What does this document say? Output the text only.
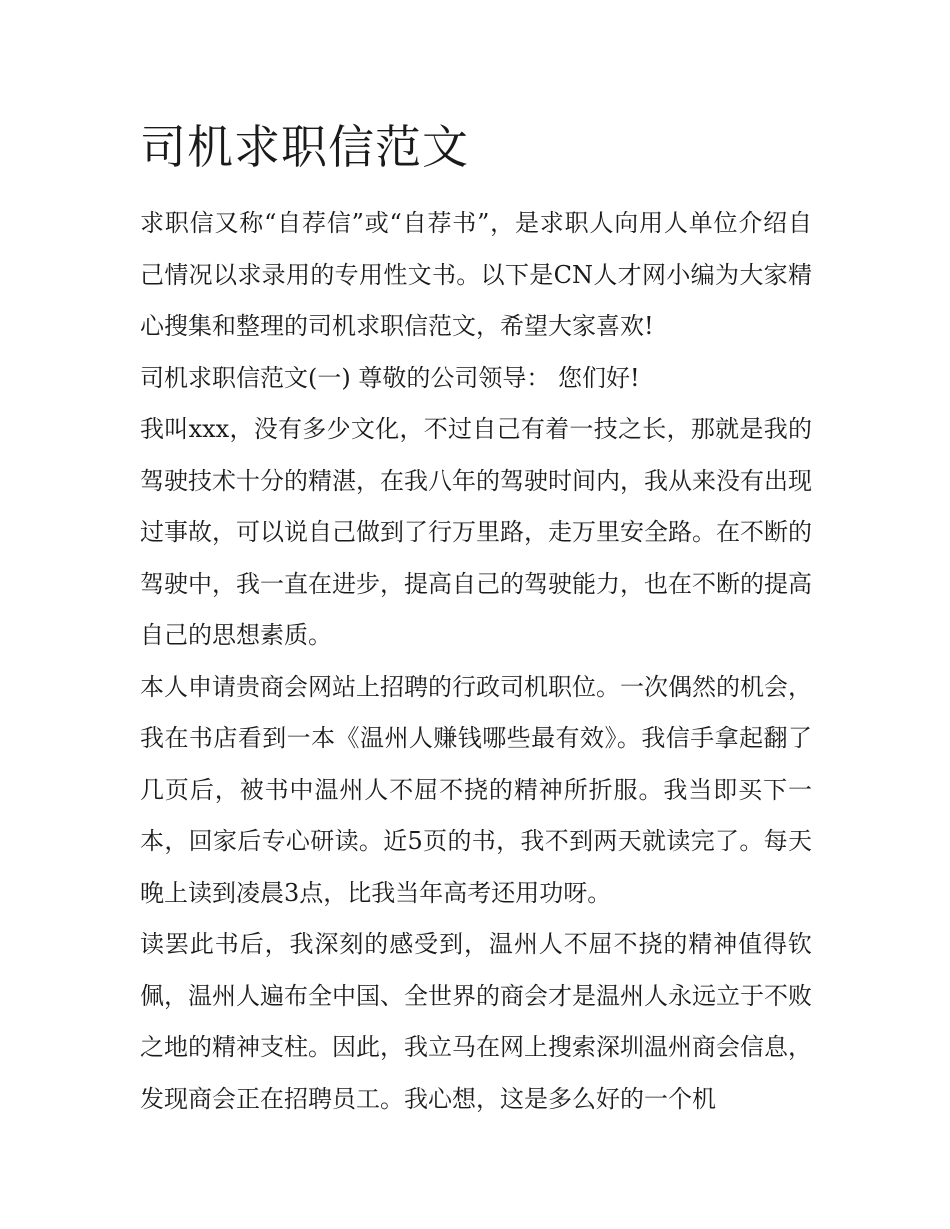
司机求职信范文

求职信又称“自荐信”或“自荐书”，是求职人向用人单位介绍自己情况以求录用的专用性文书。以下是CN人才网小编为大家精心搜集和整理的司机求职信范文，希望大家喜欢!

司机求职信范文(一) 尊敬的公司领导： 您们好!

我叫xxx，没有多少文化，不过自己有着一技之长，那就是我的驾驶技术十分的精湛，在我八年的驾驶时间内，我从来没有出现过事故，可以说自己做到了行万里路，走万里安全路。在不断的驾驶中，我一直在进步，提高自己的驾驶能力，也在不断的提高自己的思想素质。

本人申请贵商会网站上招聘的行政司机职位。一次偶然的机会，我在书店看到一本《温州人赚钱哪些最有效》。我信手拿起翻了几页后，被书中温州人不屈不挠的精神所折服。我当即买下一本，回家后专心研读。近5页的书，我不到两天就读完了。每天晚上读到凌晨3点，比我当年高考还用功呀。

读罢此书后，我深刻的感受到，温州人不屈不挠的精神值得钦佩，温州人遍布全中国、全世界的商会才是温州人永远立于不败之地的精神支柱。因此，我立马在网上搜索深圳温州商会信息，发现商会正在招聘员工。我心想，这是多么好的一个机
